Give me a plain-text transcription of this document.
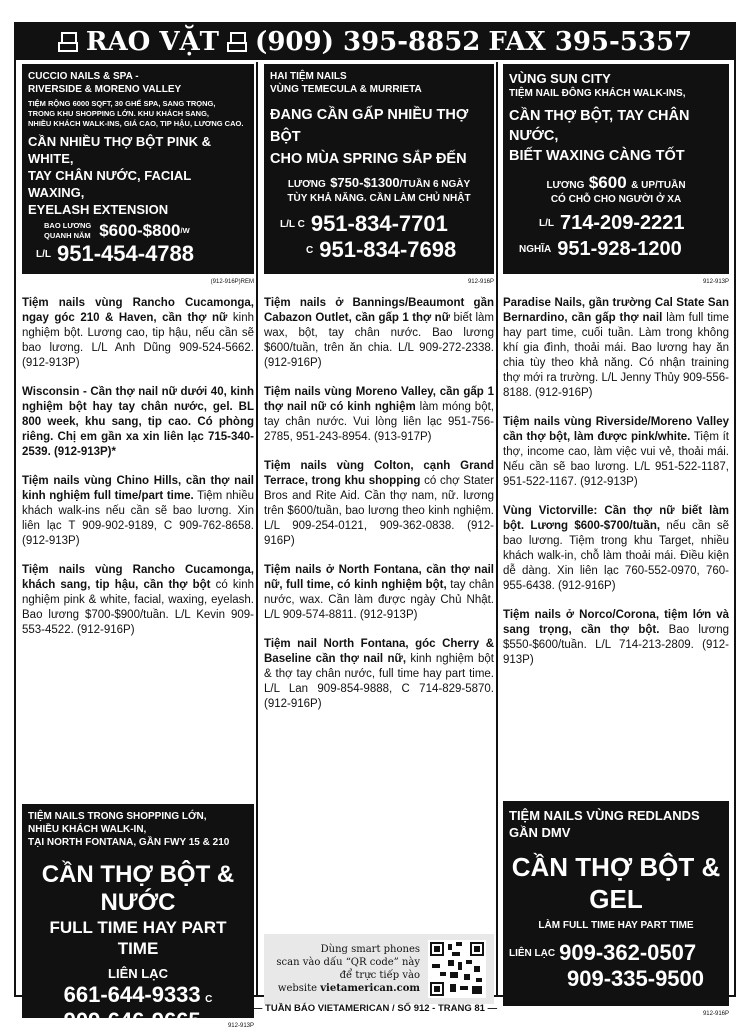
RAO VẶT (909) 395-8852 FAX 395-5357
CUCCIO NAILS & SPA -
RIVERSIDE & MORENO VALLEY
TIỆM RỘNG 6000 SQFT, 30 GHẾ SPA, SANG TRỌNG,
TRONG KHU SHOPPING LỚN. KHU KHÁCH SANG,
NHIỀU KHÁCH WALK-INS, GIÁ CAO, TIP HẬU, LƯƠNG CAO.
CẦN NHIỀU THỢ BỘT PINK & WHITE,
TAY CHÂN NƯỚC, FACIAL WAXING,
EYELASH EXTENSION
BAO LƯƠNG
QUANH NĂM $600-$800 /W
L/L 951-454-4788
(912-916P)REM
Tiệm nails vùng Rancho Cucamonga, ngay góc 210 & Haven, cần thợ nữ kinh nghiệm bột. Lương cao, tip hậu, nếu cần sẽ bao lương. L/L Anh Dũng 909-524-5662. (912-913P)
Wisconsin - Cần thợ nail nữ dưới 40, kinh nghiệm bột hay tay chân nước, gel. BL 800 week, khu sang, tip cao. Có phòng riêng. Chị em gần xa xin liên lạc 715-340-2539. (912-913P)*
Tiệm nails vùng Chino Hills, cần thợ nail kinh nghiệm full time/part time. Tiệm nhiều khách walk-ins nếu cần sẽ bao lương. Xin liên lạc T 909-902-9189, C 909-762-8658. (912-913P)
Tiệm nails vùng Rancho Cucamonga, khách sang, tip hậu, cần thợ bột có kinh nghiệm pink & white, facial, waxing, eyelash. Bao lương $700-$900/tuần. L/L Kevin 909-553-4522. (912-916P)
TIỆM NAILS TRONG SHOPPING LỚN,
NHIỀU KHÁCH WALK-IN,
TẠI NORTH FONTANA, GẦN FWY 15 & 210
CẦN THỢ BỘT & NƯỚC
FULL TIME HAY PART TIME
LIÊN LẠC
661-644-9333 C
909-646-9665 B	912-913P
HAI TIỆM NAILS
VÙNG TEMECULA & MURRIETA
ĐANG CẦN GẤP NHIỀU THỢ BỘT
CHO MÙA SPRING SẮP ĐẾN
LƯƠNG $750-$1300/TUẦN 6 NGÀY
TÙY KHẢ NĂNG. CẦN LÀM CHỦ NHẬT
L/L C 951-834-7701
C 951-834-7698
912-916P
Tiệm nails ở Bannings/Beaumont gần Cabazon Outlet, cần gấp 1 thợ nữ biết làm wax, bột, tay chân nước. Bao lương $600/tuần, trên ăn chia. L/L 909-272-2338. (912-916P)
Tiệm nails vùng Moreno Valley, cần gấp 1 thợ nail nữ có kinh nghiệm làm móng bột, tay chân nước. Vui lòng liên lạc 951-756-2785, 951-243-8954. (913-917P)
Tiệm nails vùng Colton, cạnh Grand Terrace, trong khu shopping có chợ Stater Bros and Rite Aid. Cần thợ nam, nữ. lương trên $600/tuần, bao lương theo kinh nghiệm. L/L 909-254-0121, 909-362-0838. (912-916P)
Tiệm nails ở North Fontana, cần thợ nail nữ, full time, có kinh nghiệm bột, tay chân nước, wax. Cần làm được ngày Chủ Nhật. L/L 909-574-8811. (912-913P)
Tiệm nail North Fontana, góc Cherry & Baseline cần thợ nail nữ, kinh nghiệm bột & thợ tay chân nước, full time hay part time. L/L Lan 909-854-9888, C 714-829-5870. (912-916P)
Dùng smart phones
scan vào dấu “QR code” này
để trực tiếp vào
website vietamerican.com
VÙNG SUN CITY
TIỆM NAIL ĐÔNG KHÁCH WALK-INS,
CẦN THỢ BỘT, TAY CHÂN NƯỚC,
BIẾT WAXING CÀNG TỐT
LƯƠNG $600 & UP/TUẦN
CÓ CHỖ CHO NGƯỜI Ở XA
L/L 714-209-2221
NGHĨA 951-928-1200
912-913P
Paradise Nails, gần trường Cal State San Bernardino, cần gấp thợ nail làm full time hay part time, cuối tuần. Làm trong không khí gia đình, thoải mái. Bao lương hay ăn chia tùy theo khả năng. Có nhận training thợ mới ra trường. L/L Jenny Thủy 909-556-8188. (912-916P)
Tiệm nails vùng Riverside/Moreno Valley cần thợ bột, làm được pink/white. Tiệm ít thợ, income cao, làm việc vui vẻ, thoải mái. Nếu cần sẽ bao lương. L/L 951-522-1187, 951-522-1167. (912-913P)
Vùng Victorville: Cần thợ nữ biết làm bột. Lương $600-$700/tuần, nếu cần sẽ bao lương. Tiệm trong khu Target, nhiều khách walk-in, chỗ làm thoải mái. Điều kiện dễ dàng. Xin liên lạc 760-552-0970, 760-955-6438. (912-916P)
Tiệm nails ở Norco/Corona, tiệm lớn và sang trọng, cần thợ bột. Bao lương $550-$600/tuần. L/L 714-213-2809. (912-913P)
TIỆM NAILS VÙNG REDLANDS
GẦN DMV
CẦN THỢ BỘT & GEL
LÀM FULL TIME HAY PART TIME
LIÊN LẠC 909-362-0507
909-335-9500
912-916P
— TUẦN BÁO VIETAMERICAN / SỐ 912 - TRANG 81 —
